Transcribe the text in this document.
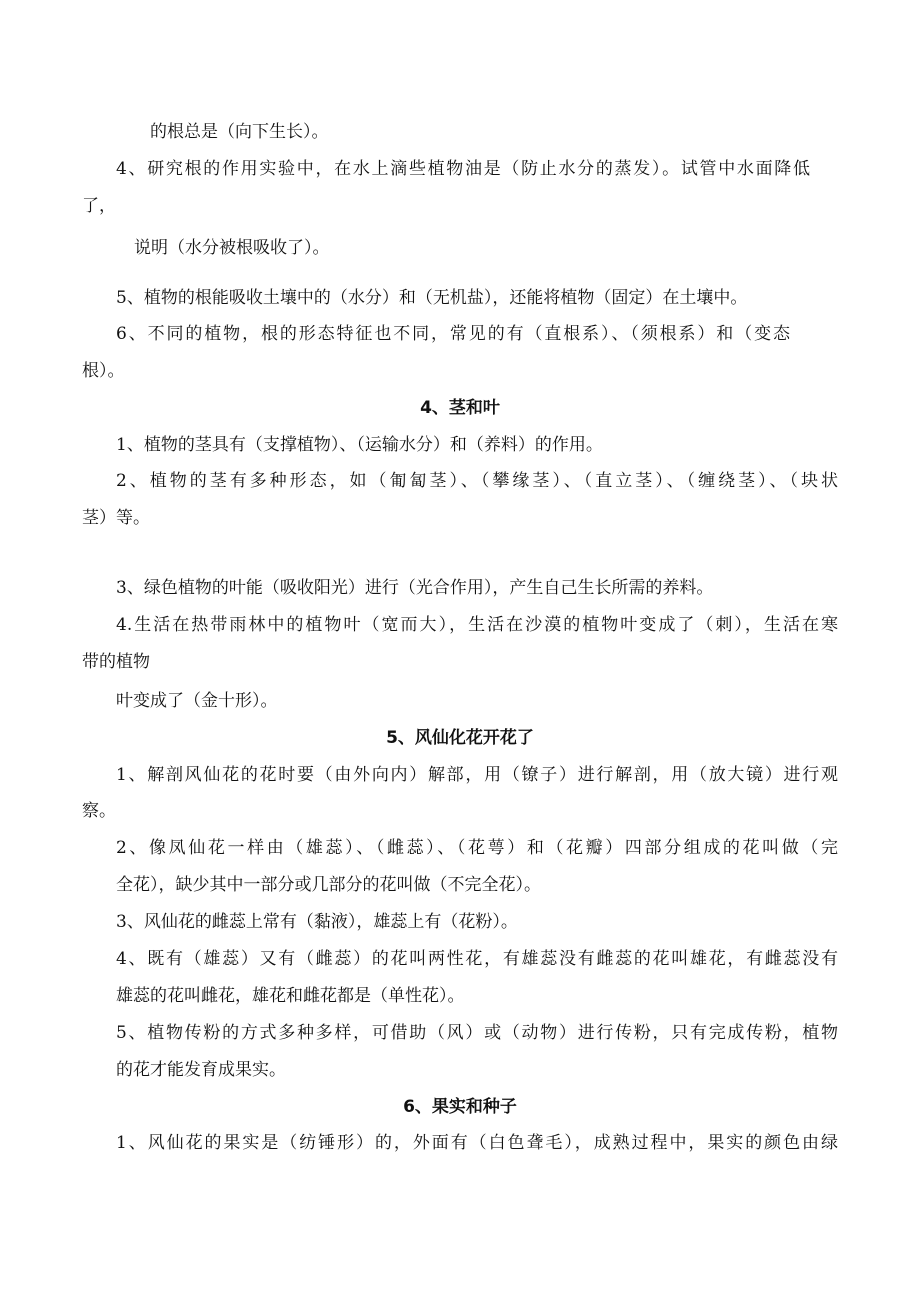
的根总是（向下生长）。

4、研究根的作用实验中，在水上滴些植物油是（防止水分的蒸发）。试管中水面降低

了，

说明（水分被根吸收了）。

5、植物的根能吸收土壤中的（水分）和（无机盐），还能将植物（固定）在土壤中。

6、不同的植物，根的形态特征也不同，常见的有（直根系）、（须根系）和（变态

根）。

4、茎和叶

1、植物的茎具有（支撑植物）、（运输水分）和（养料）的作用。

2、植物的茎有多种形态，如（匍匐茎）、（攀缘茎）、（直立茎）、（缠绕茎）、（块状

茎）等。

3、绿色植物的叶能（吸收阳光）进行（光合作用），产生自己生长所需的养料。

4.生活在热带雨林中的植物叶（宽而大），生活在沙漠的植物叶变成了（刺），生活在寒

带的植物

叶变成了（金十形）。

5、风仙化花开花了

1、解剖风仙花的花时要（由外向内）解部，用（镣子）进行解剖，用（放大镜）进行观

察。

2、像凤仙花一样由（雄蕊）、（雌蕊）、（花萼）和（花瓣）四部分组成的花叫做（完

全花），缺少其中一部分或几部分的花叫做（不完全花）。

3、风仙花的雌蕊上常有（黏液），雄蕊上有（花粉）。

4、既有（雄蕊）又有（雌蕊）的花叫两性花，有雄蕊没有雌蕊的花叫雄花，有雌蕊没有

雄蕊的花叫雌花，雄花和雌花都是（单性花）。

5、植物传粉的方式多种多样，可借助（风）或（动物）进行传粉，只有完成传粉，植物

的花才能发育成果实。

6、果实和种子

1、风仙花的果实是（纺锤形）的，外面有（白色聋毛），成熟过程中，果实的颜色由绿
